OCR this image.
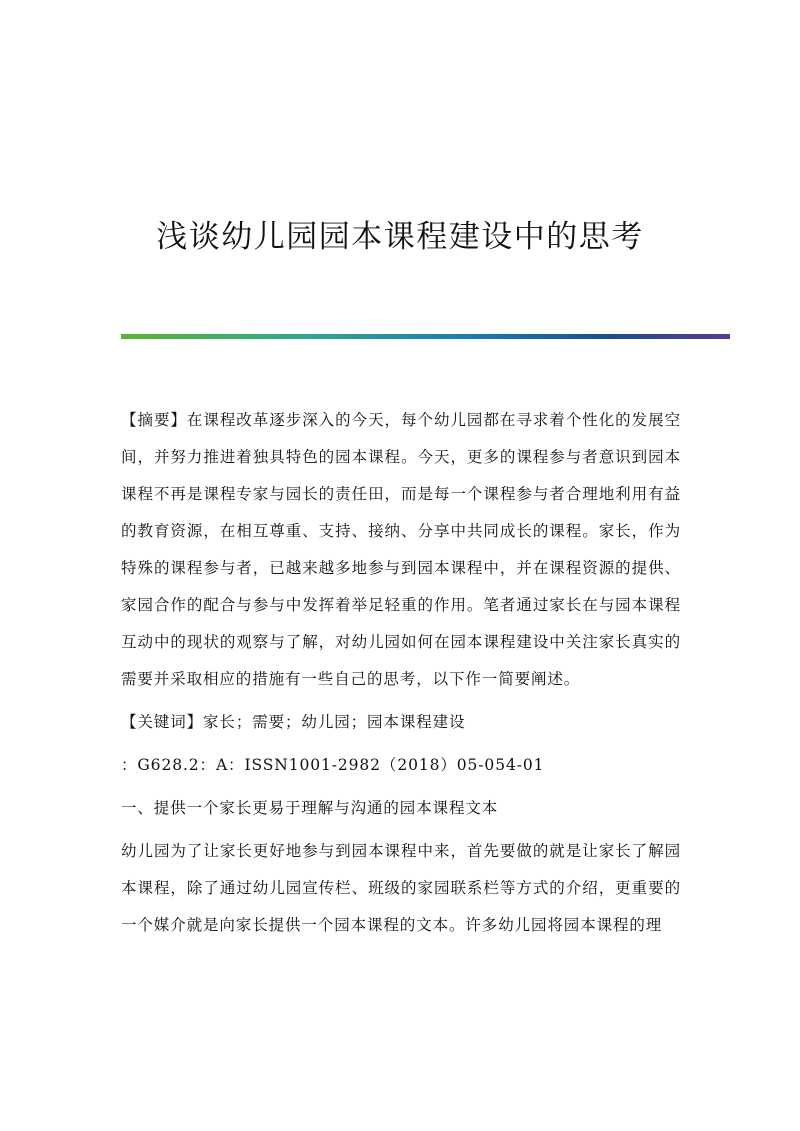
浅谈幼儿园园本课程建设中的思考

【摘要】在课程改革逐步深入的今天，每个幼儿园都在寻求着个性化的发展空间，并努力推进着独具特色的园本课程。今天，更多的课程参与者意识到园本课程不再是课程专家与园长的责任田，而是每一个课程参与者合理地利用有益的教育资源，在相互尊重、支持、接纳、分享中共同成长的课程。家长，作为特殊的课程参与者，已越来越多地参与到园本课程中，并在课程资源的提供、家园合作的配合与参与中发挥着举足轻重的作用。笔者通过家长在与园本课程互动中的现状的观察与了解，对幼儿园如何在园本课程建设中关注家长真实的需要并采取相应的措施有一些自己的思考，以下作一简要阐述。

【关键词】家长；需要；幼儿园；园本课程建设

：G628.2：A：ISSN1001-2982（2018）05-054-01

一、提供一个家长更易于理解与沟通的园本课程文本

幼儿园为了让家长更好地参与到园本课程中来，首先要做的就是让家长了解园本课程，除了通过幼儿园宣传栏、班级的家园联系栏等方式的介绍，更重要的一个媒介就是向家长提供一个园本课程的文本。许多幼儿园将园本课程的理
